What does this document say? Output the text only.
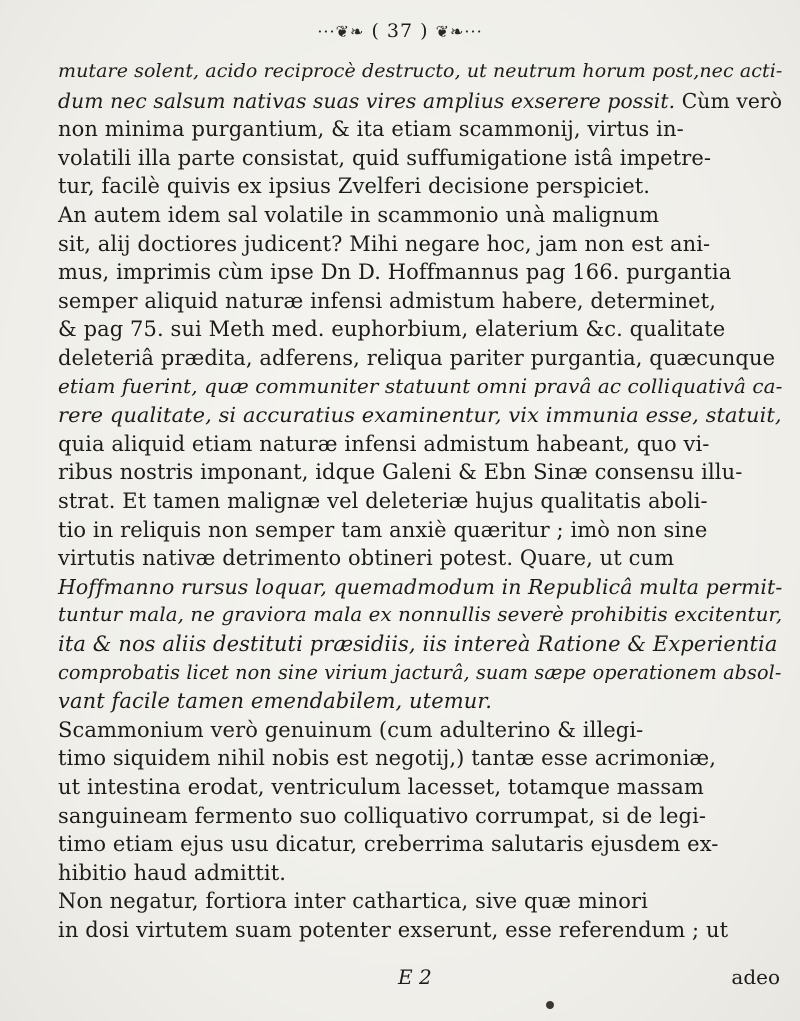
···❦❧ ( 37 ) ❦❧···
mutare solent, acido reciprocè destructo, ut neutrum horum post,nec acti-
dum nec salsum nativas suas vires amplius exserere possit. Cùm verò
non minima purgantium, & ita etiam scammonij, virtus in-
volatili illa parte consistat, quid suffumigatione istâ impetre-
tur, facilè quivis ex ipsius Zvelferi decisione perspiciet.
An autem idem sal volatile in scammonio unà malignum
sit, alij doctiores judicent? Mihi negare hoc, jam non est ani-
mus, imprimis cùm ipse Dn D. Hoffmannus pag 166. purgantia
semper aliquid naturæ infensi admistum habere, determinet,
& pag 75. sui Meth med. euphorbium, elaterium &c. qualitate
deleteriâ prædita, adferens, reliqua pariter purgantia, quæcunque
etiam fuerint, quæ communiter statuunt omni pravâ ac colliquativâ ca-
rere qualitate, si accuratius examinentur, vix immunia esse, statuit,
quia aliquid etiam naturæ infensi admistum habeant, quo vi-
ribus nostris imponant, idque Galeni & Ebn Sinæ consensu illu-
strat. Et tamen malignæ vel deleteriæ hujus qualitatis aboli-
tio in reliquis non semper tam anxiè quæritur ; imò non sine
virtutis nativæ detrimento obtineri potest. Quare, ut cum
Hoffmanno rursus loquar, quemadmodum in Republicâ multa permit-
tuntur mala, ne graviora mala ex nonnullis severè prohibitis excitentur,
ita & nos aliis destituti præsidiis, iis intereà Ratione & Experientia
comprobatis licet non sine virium jacturâ, suam sæpe operationem absol-
vant facile tamen emendabilem, utemur.
Scammonium verò genuinum (cum adulterino & illegi-
timo siquidem nihil nobis est negotij,) tantæ esse acrimoniæ,
ut intestina erodat, ventriculum lacesset, totamque massam
sanguineam fermento suo colliquativo corrumpat, si de legi-
timo etiam ejus usu dicatur, creberrima salutaris ejusdem ex-
hibitio haud admittit.
Non negatur, fortiora inter cathartica, sive quæ minori
in dosi virtutem suam potenter exserunt, esse referendum ; ut
E 2	adeo
